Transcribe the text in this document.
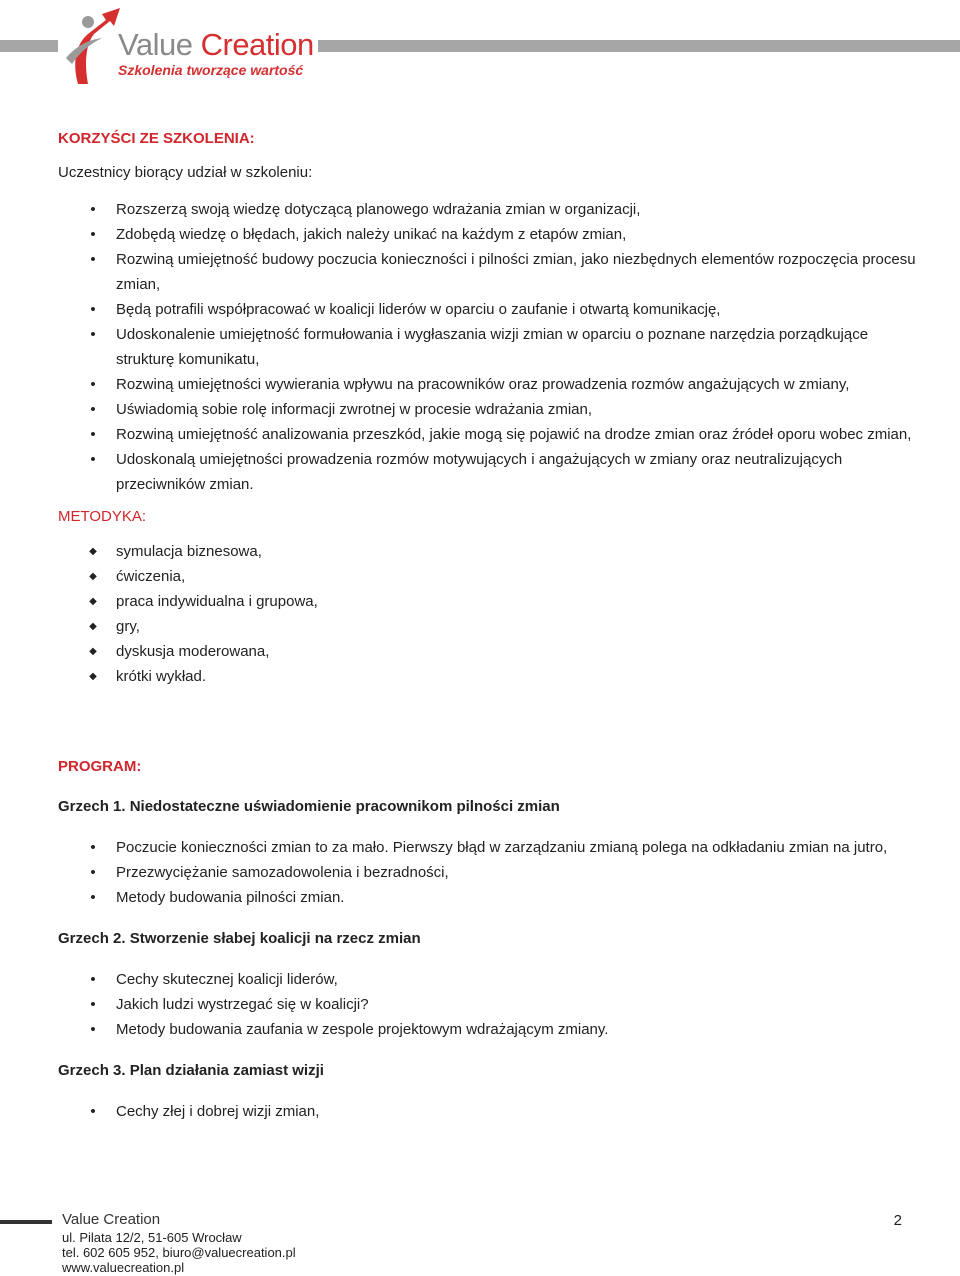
Value Creation
Szkolenia tworzące wartość

KORZYŚCI ZE SZKOLENIA:

Uczestnicy biorący udział w szkoleniu:

• Rozszerzą swoją wiedzę dotyczącą planowego wdrażania zmian w organizacji,
• Zdobędą wiedzę o błędach, jakich należy unikać na każdym z etapów zmian,
• Rozwiną umiejętność budowy poczucia konieczności i pilności zmian, jako niezbędnych elementów rozpoczęcia procesu zmian,
• Będą potrafili współpracować w koalicji liderów w oparciu o zaufanie i otwartą komunikację,
• Udoskonalenie umiejętność formułowania i wygłaszania wizji zmian w oparciu o poznane narzędzia porządkujące strukturę komunikatu,
• Rozwiną umiejętności wywierania wpływu na pracowników oraz prowadzenia rozmów angażujących w zmiany,
• Uświadomią sobie rolę informacji zwrotnej w procesie wdrażania zmian,
• Rozwiną umiejętność analizowania przeszkód, jakie mogą się pojawić na drodze zmian oraz źródeł oporu wobec zmian,
• Udoskonalą umiejętności prowadzenia rozmów motywujących i angażujących w zmiany oraz neutralizujących przeciwników zmian.

METODYKA:

◆ symulacja biznesowa,
◆ ćwiczenia,
◆ praca indywidualna i grupowa,
◆ gry,
◆ dyskusja moderowana,
◆ krótki wykład.

PROGRAM:

Grzech 1. Niedostateczne uświadomienie pracownikom pilności zmian

• Poczucie konieczności zmian to za mało. Pierwszy błąd w zarządzaniu zmianą polega na odkładaniu zmian na jutro,
• Przezwyciężanie samozadowolenia i bezradności,
• Metody budowania pilności zmian.

Grzech 2. Stworzenie słabej koalicji na rzecz zmian

• Cechy skutecznej koalicji liderów,
• Jakich ludzi wystrzegać się w koalicji?
• Metody budowania zaufania w zespole projektowym wdrażającym zmiany.

Grzech 3. Plan działania zamiast wizji

• Cechy złej i dobrej wizji zmian,
Value Creation
ul. Pilata 12/2, 51-605 Wrocław
tel. 602 605 952, biuro@valuecreation.pl
www.valuecreation.pl
2
